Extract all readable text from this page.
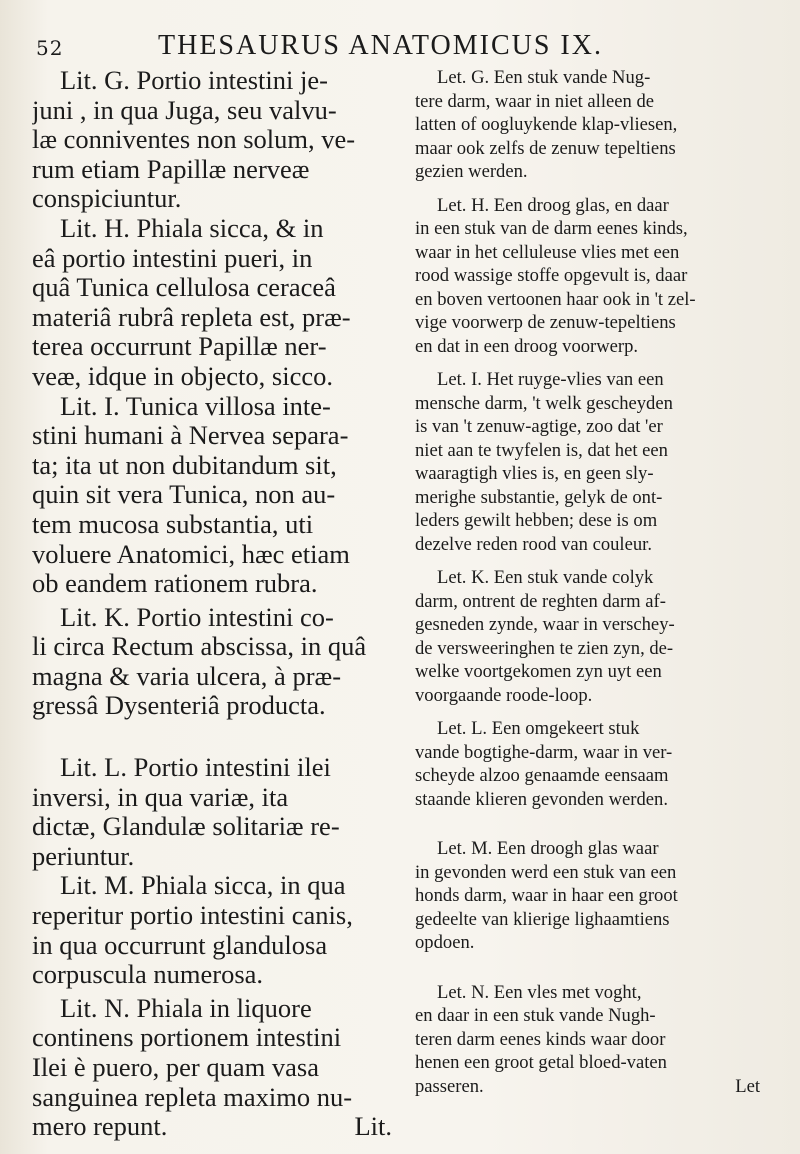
52	THESAURUS ANATOMICUS IX.
Lit. G. Portio intestini je-
juni , in qua Juga, seu valvu-
læ conniventes non solum, ve-
rum etiam Papillæ nerveæ
conspiciuntur.
Lit. H. Phiala sicca, & in
eâ portio intestini pueri, in
quâ Tunica cellulosa ceraceâ
materiâ rubrâ repleta est, præ-
terea occurrunt Papillæ ner-
veæ, idque in objecto, sicco.
Lit. I. Tunica villosa inte-
stini humani à Nervea separa-
ta; ita ut non dubitandum sit,
quin sit vera Tunica, non au-
tem mucosa substantia, uti
voluere Anatomici, hæc etiam
ob eandem rationem rubra.
Lit. K. Portio intestini co-
li circa Rectum abscissa, in quâ
magna & varia ulcera, à præ-
gressâ Dysenteriâ producta.
Lit. L. Portio intestini ilei
inversi, in qua variæ, ita
dictæ, Glandulæ solitariæ re-
periuntur.
Lit. M. Phiala sicca, in qua
reperitur portio intestini canis,
in qua occurrunt glandulosa
corpuscula numerosa.
Lit. N. Phiala in liquore
continens portionem intestini
Ilei è puero, per quam vasa
sanguinea repleta maximo nu-
mero repunt.	Lit.
Let. G. Een stuk vande Nug-
tere darm, waar in niet alleen de
latten of oogluykende klap-vliesen,
maar ook zelfs de zenuw tepeltiens
gezien werden.
Let. H. Een droog glas, en daar
in een stuk van de darm eenes kinds,
waar in het celluleuse vlies met een
rood wassige stoffe opgevult is, daar
en boven vertoonen haar ook in 't zel-
vige voorwerp de zenuw-tepeltiens
en dat in een droog voorwerp.
Let. I. Het ruyge-vlies van een
mensche darm, 't welk gescheyden
is van 't zenuw-agtige, zoo dat 'er
niet aan te twyfelen is, dat het een
waaragtigh vlies is, en geen sly-
merighe substantie, gelyk de ont-
leders gewilt hebben; dese is om
dezelve reden rood van couleur.
Let. K. Een stuk vande colyk
darm, ontrent de reghten darm af-
gesneden zynde, waar in verschey-
de versweeringhen te zien zyn, de-
welke voortgekomen zyn uyt een
voorgaande roode-loop.
Let. L. Een omgekeert stuk
vande bogtighe-darm, waar in ver-
scheyde alzoo genaamde eensaam
staande klieren gevonden werden.
Let. M. Een droogh glas waar
in gevonden werd een stuk van een
honds darm, waar in haar een groot
gedeelte van klierige lighaamtiens
opdoen.
Let. N. Een vles met voght,
en daar in een stuk vande Nugh-
teren darm eenes kinds waar door
henen een groot getal bloed-vaten
passeren.	Let
